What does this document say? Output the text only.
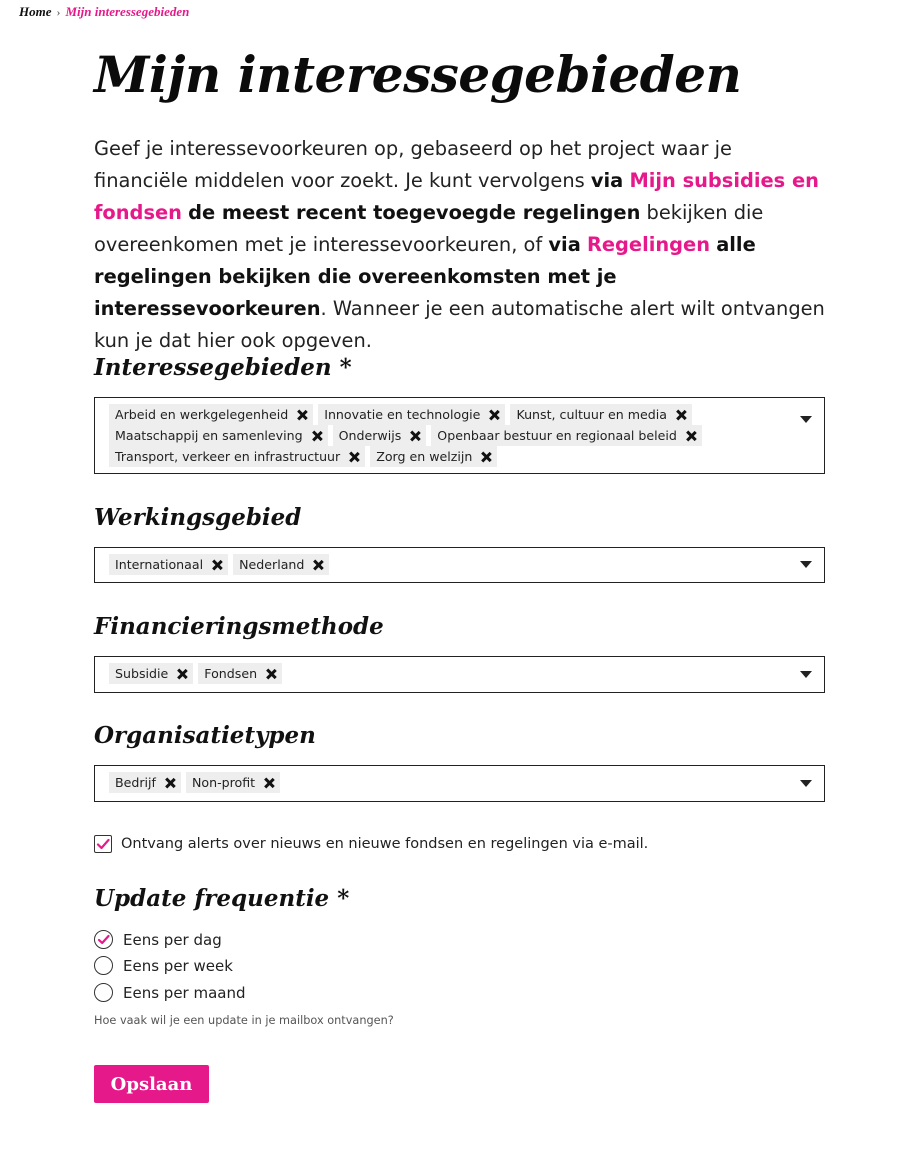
Home › Mijn interessegebieden
Mijn interessegebieden

Geef je interessevoorkeuren op, gebaseerd op het project waar je financiële middelen voor zoekt. Je kunt vervolgens via Mijn subsidies en fondsen de meest recent toegevoegde regelingen bekijken die overeenkomen met je interessevoorkeuren, of via Regelingen alle regelingen bekijken die overeenkomsten met je interessevoorkeuren. Wanneer je een automatische alert wilt ontvangen kun je dat hier ook opgeven.

Interessegebieden *
Arbeid en werkgelegenheid	Innovatie en technologie	Kunst, cultuur en media
Maatschappij en samenleving	Onderwijs	Openbaar bestuur en regionaal beleid
Transport, verkeer en infrastructuur	Zorg en welzijn
Werkingsgebied
Internationaal	Nederland
Financieringsmethode
Subsidie	Fondsen
Organisatietypen
Bedrijf	Non-profit
Ontvang alerts over nieuws en nieuwe fondsen en regelingen via e-mail.
Update frequentie *
Eens per dag
Eens per week
Eens per maand
Hoe vaak wil je een update in je mailbox ontvangen?
Opslaan
